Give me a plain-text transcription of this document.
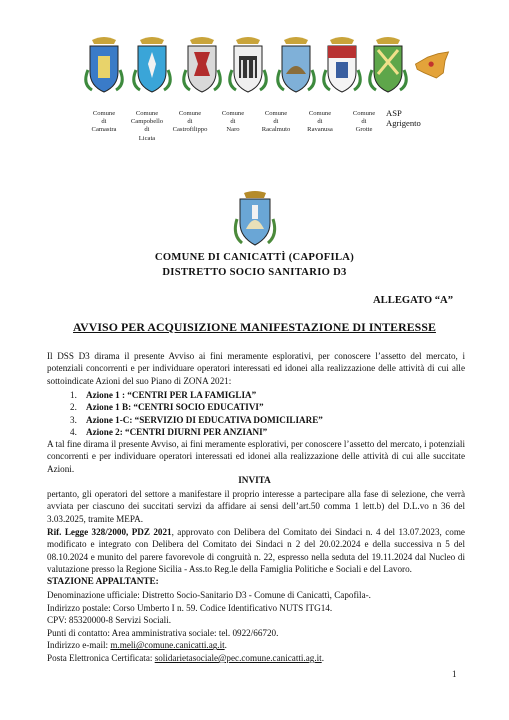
Comune
di
Camastra
Comune
Campobello
di
Licata
Comune
di
Castrofilippo
Comune
di
Naro
Comune
di
Racalmuto
Comune
di
Ravanusa
Comune
di
Grotte
ASP
Agrigento
COMUNE DI CANICATTÌ (CAPOFILA)
DISTRETTO SOCIO SANITARIO D3
ALLEGATO “A”
AVVISO PER ACQUISIZIONE MANIFESTAZIONE DI INTERESSE
Il DSS D3 dirama il presente Avviso ai fini meramente esplorativi, per conoscere l’assetto del mercato, i potenziali concorrenti e per individuare operatori interessati ed idonei alla realizzazione delle attività di cui alle sottoindicate Azioni del suo Piano di ZONA 2021:
1. Azione 1 : “CENTRI PER LA FAMIGLIA”
2. Azione 1 B: “CENTRI SOCIO EDUCATIVI”
3. Azione 1-C: “SERVIZIO DI EDUCATIVA DOMICILIARE”
4. Azione 2: “CENTRI DIURNI PER ANZIANI”
A tal fine dirama il presente Avviso, ai fini meramente esplorativi, per conoscere l’assetto del mercato, i potenziali concorrenti e per individuare operatori interessati ed idonei alla realizzazione delle attività di cui alle succitate Azioni.
INVITA
pertanto, gli operatori del settore a manifestare il proprio interesse a partecipare alla fase di selezione, che verrà avviata per ciascuno dei succitati servizi da affidare ai sensi dell’art.50 comma 1 lett.b) del D.L.vo n 36 del 3.03.2025, tramite MEPA.
Rif. Legge 328/2000, PDZ 2021, approvato con Delibera del Comitato dei Sindaci n. 4 del 13.07.2023, come modificato e integrato con Delibera del Comitato dei Sindaci n 2 del 20.02.2024 e della successiva n 5 del 08.10.2024 e munito del parere favorevole di congruità n. 22, espresso nella seduta del 19.11.2024 dal Nucleo di valutazione presso la Regione Sicilia - Ass.to Reg.le della Famiglia Politiche e Sociali e del Lavoro.
STAZIONE APPALTANTE:
Denominazione ufficiale: Distretto Socio-Sanitario D3 - Comune di Canicattì, Capofila-.
Indirizzo postale: Corso Umberto I n. 59. Codice Identificativo NUTS ITG14.
CPV: 85320000-8 Servizi Sociali.
Punti di contatto: Area amministrativa sociale: tel. 0922/66720.
Indirizzo e-mail: m.meli@comune.canicatti.ag.it.
Posta Elettronica Certificata: solidarietasociale@pec.comune.canicatti.ag.it.
1
